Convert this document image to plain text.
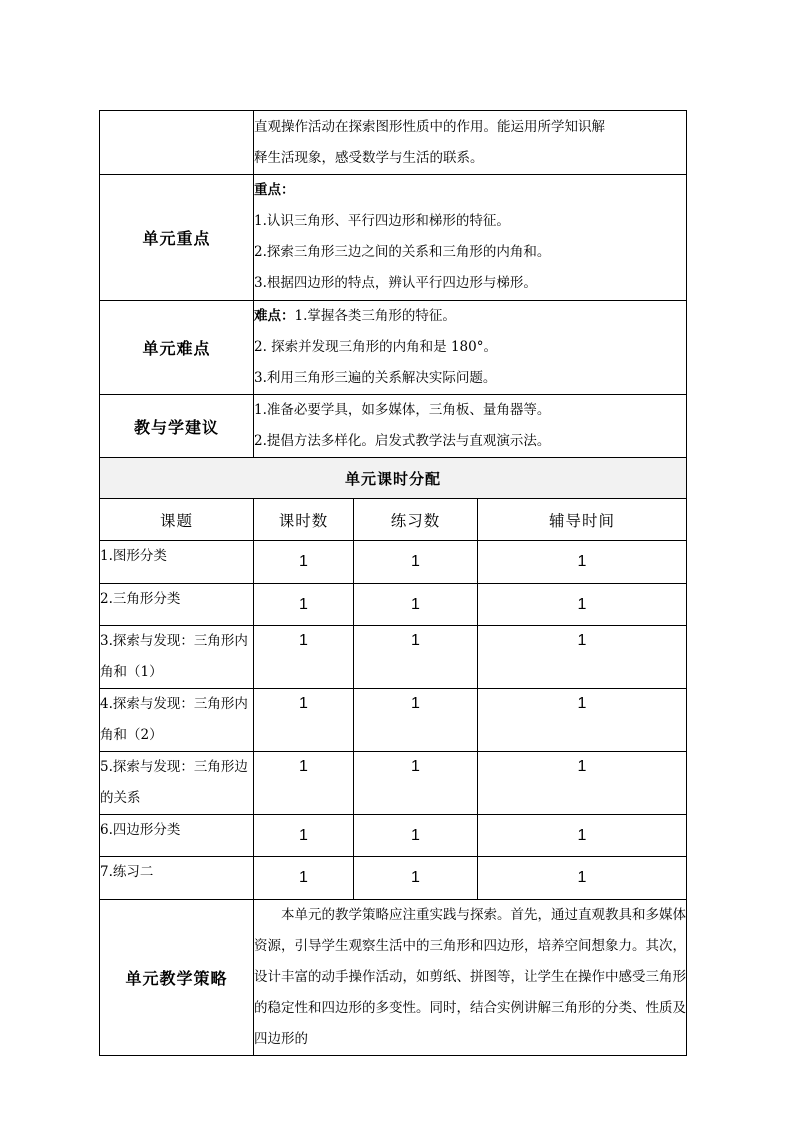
	直观操作活动在探索图形性质中的作用。能运用所学知识解
释生活现象，感受数学与生活的联系。		

单元重点	重点：
1.认识三角形、平行四边形和梯形的特征。
2.探索三角形三边之间的关系和三角形的内角和。
3.根据四边形的特点，辨认平行四边形与梯形。		

单元难点	难点：1.掌握各类三角形的特征。
2. 探索并发现三角形的内角和是 180°。
3.利用三角形三遍的关系解决实际问题。		

教与学建议	1.准备必要学具，如多媒体，三角板、量角器等。
2.提倡方法多样化。启发式教学法与直观演示法。		

单元课时分配			
课题	课时数	练习数	辅导时间
1.图形分类	1	1	1
2.三角形分类	1	1	1
3.探索与发现：三角形内角和（1）	1	1	1
4.探索与发现：三角形内角和（2）	1	1	1
5.探索与发现：三角形边的关系	1	1	1
6.四边形分类	1	1	1
7.练习二	1	1	1
单元教学策略	本单元的教学策略应注重实践与探索。首先，通过直观教具和多媒体资源，引导学生观察生活中的三角形和四边形，培养空间想象力。其次，设计丰富的动手操作活动，如剪纸、拼图等，让学生在操作中感受三角形的稳定性和四边形的多变性。同时，结合实例讲解三角形的分类、性质及四边形的		
